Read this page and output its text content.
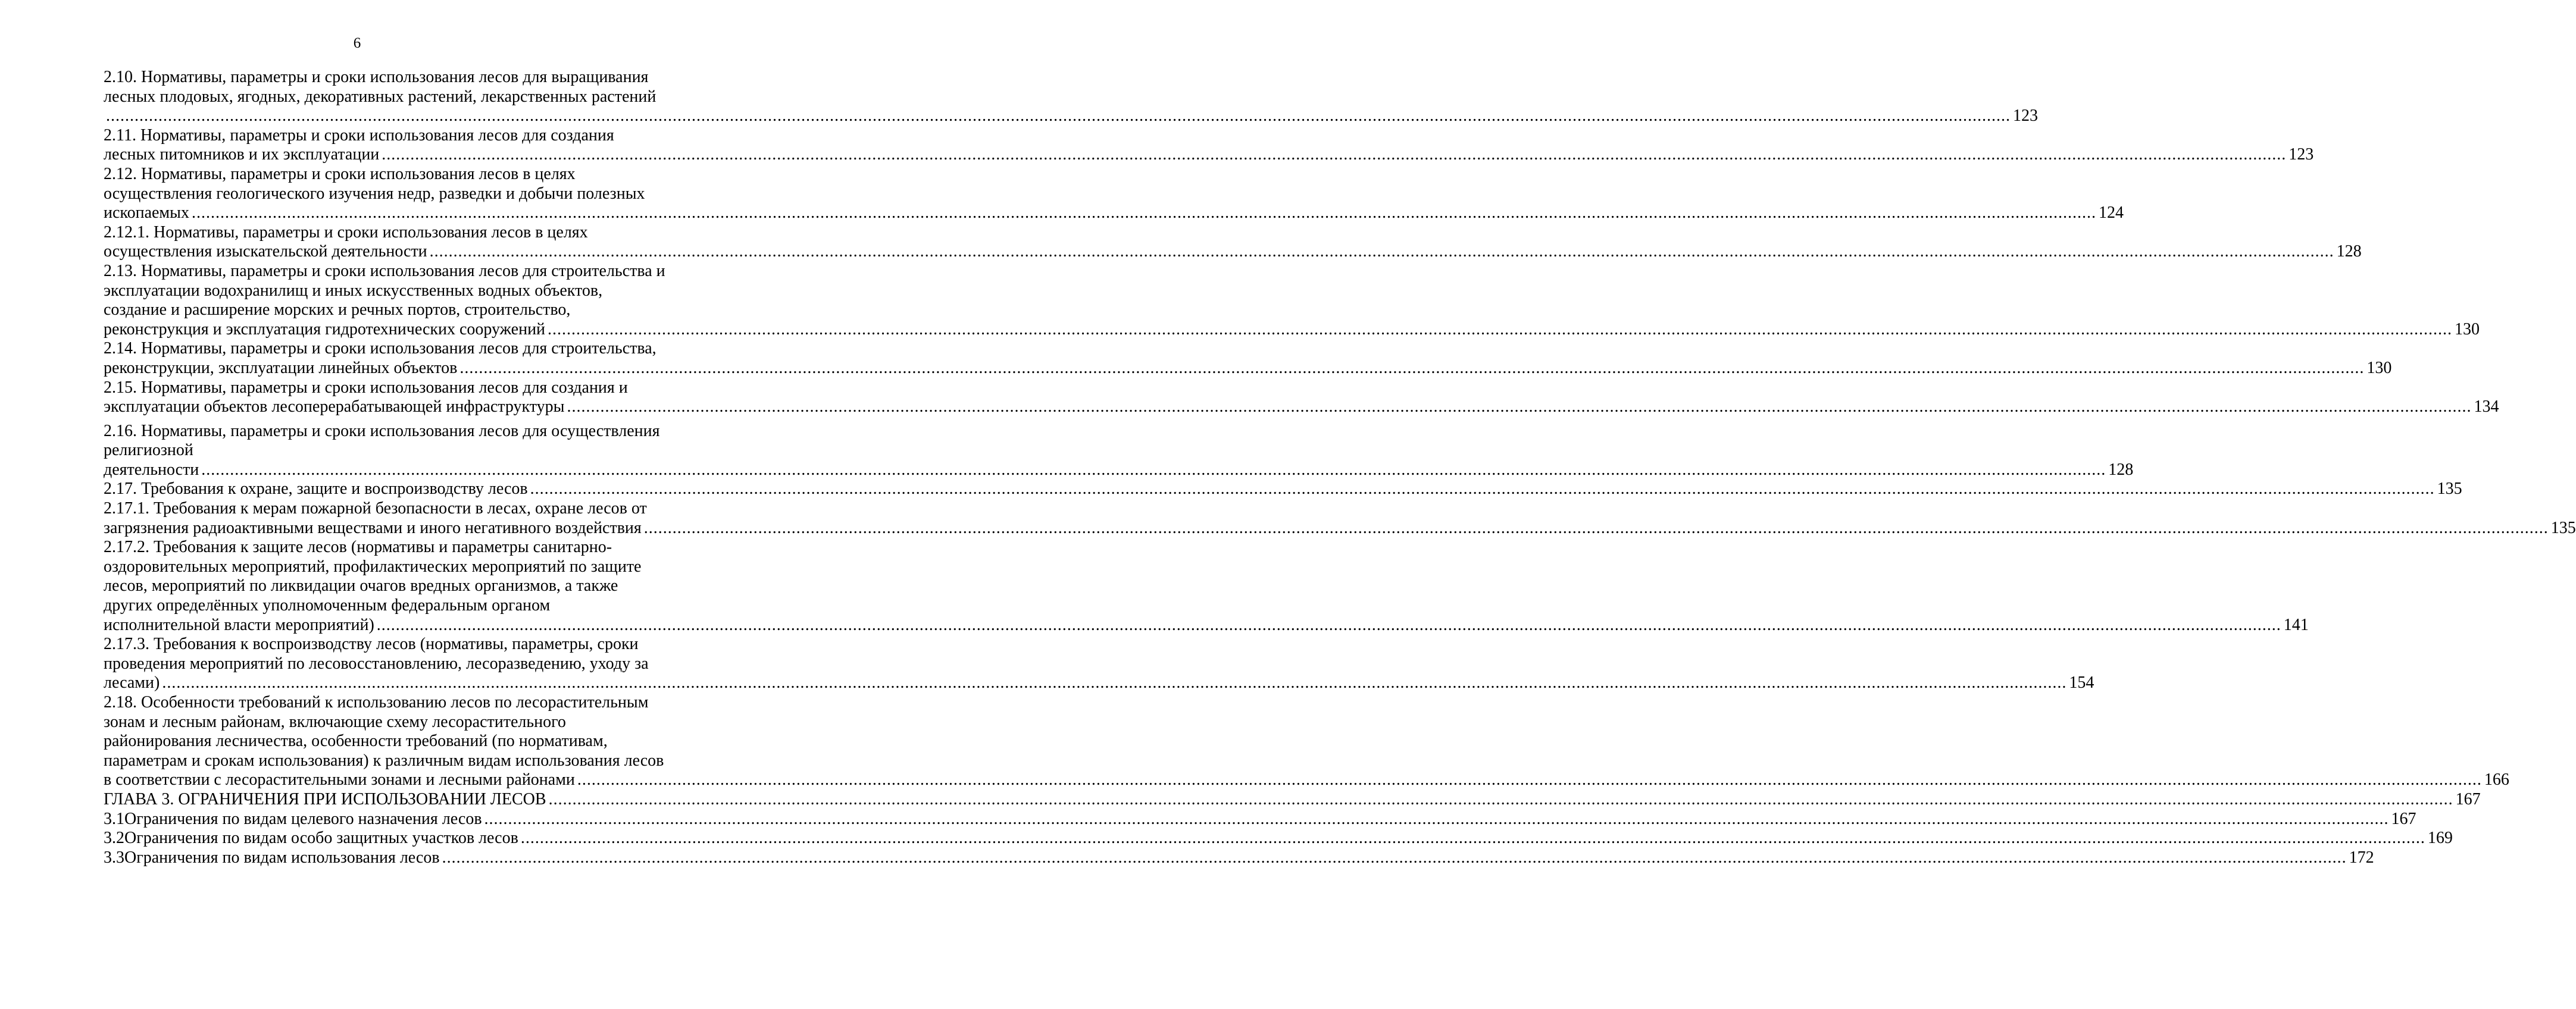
6
2.10. Нормативы, параметры и сроки использования лесов для выращивания
лесных плодовых, ягодных, декоративных растений, лекарственных растений
................................................................................................................................................................................................................................................................................................................................................................................................................ 123
2.11. Нормативы, параметры и сроки использования лесов для создания
лесных питомников и их эксплуатации ................................................................................................................................................................................................................................................................................................................................................................................................................ 123
2.12. Нормативы, параметры и сроки использования лесов в целях
осуществления геологического изучения недр, разведки и добычи полезных
ископаемых ................................................................................................................................................................................................................................................................................................................................................................................................................ 124
2.12.1. Нормативы, параметры и сроки использования лесов в целях
осуществления изыскательской деятельности ................................................................................................................................................................................................................................................................................................................................................................................................................ 128
2.13. Нормативы, параметры и сроки использования лесов для строительства и
эксплуатации водохранилищ и иных искусственных водных объектов,
создание и расширение морских и речных портов, строительство,
реконструкция и эксплуатация гидротехнических сооружений ................................................................................................................................................................................................................................................................................................................................................................................................................ 130
2.14. Нормативы, параметры и сроки использования лесов для строительства,
реконструкции, эксплуатации линейных объектов ................................................................................................................................................................................................................................................................................................................................................................................................................ 130
2.15. Нормативы, параметры и сроки использования лесов для создания и
эксплуатации объектов лесоперерабатывающей инфраструктуры ................................................................................................................................................................................................................................................................................................................................................................................................................ 134
2.16. Нормативы, параметры и сроки использования лесов для осуществления
религиозной
деятельности ................................................................................................................................................................................................................................................................................................................................................................................................................ 128
2.17. Требования к охране, защите и воспроизводству лесов ................................................................................................................................................................................................................................................................................................................................................................................................................ 135
2.17.1. Требования к мерам пожарной безопасности в лесах, охране лесов от
загрязнения радиоактивными веществами и иного негативного воздействия ................................................................................................................................................................................................................................................................................................................................................................................................................ 135
2.17.2. Требования к защите лесов (нормативы и параметры санитарно-
оздоровительных мероприятий, профилактических мероприятий по защите
лесов, мероприятий по ликвидации очагов вредных организмов, а также
других определённых уполномоченным федеральным органом
исполнительной власти мероприятий) ................................................................................................................................................................................................................................................................................................................................................................................................................ 141
2.17.3. Требования к воспроизводству лесов (нормативы, параметры, сроки
проведения мероприятий по лесовосстановлению, лесоразведению, уходу за
лесами) ................................................................................................................................................................................................................................................................................................................................................................................................................ 154
2.18. Особенности требований к использованию лесов по лесорастительным
зонам и лесным районам, включающие схему лесорастительного
районирования лесничества, особенности требований (по нормативам,
параметрам и срокам использования) к различным видам использования лесов
в соответствии с лесорастительными зонами и лесными районами ................................................................................................................................................................................................................................................................................................................................................................................................................ 166
ГЛАВА 3. ОГРАНИЧЕНИЯ ПРИ ИСПОЛЬЗОВАНИИ ЛЕСОВ ................................................................................................................................................................................................................................................................................................................................................................................................................ 167
3.1 Ограничения по видам целевого назначения лесов ................................................................................................................................................................................................................................................................................................................................................................................................................ 167
3.2 Ограничения по видам особо защитных участков лесов ................................................................................................................................................................................................................................................................................................................................................................................................................ 169
3.3 Ограничения по видам использования лесов ................................................................................................................................................................................................................................................................................................................................................................................................................ 172
